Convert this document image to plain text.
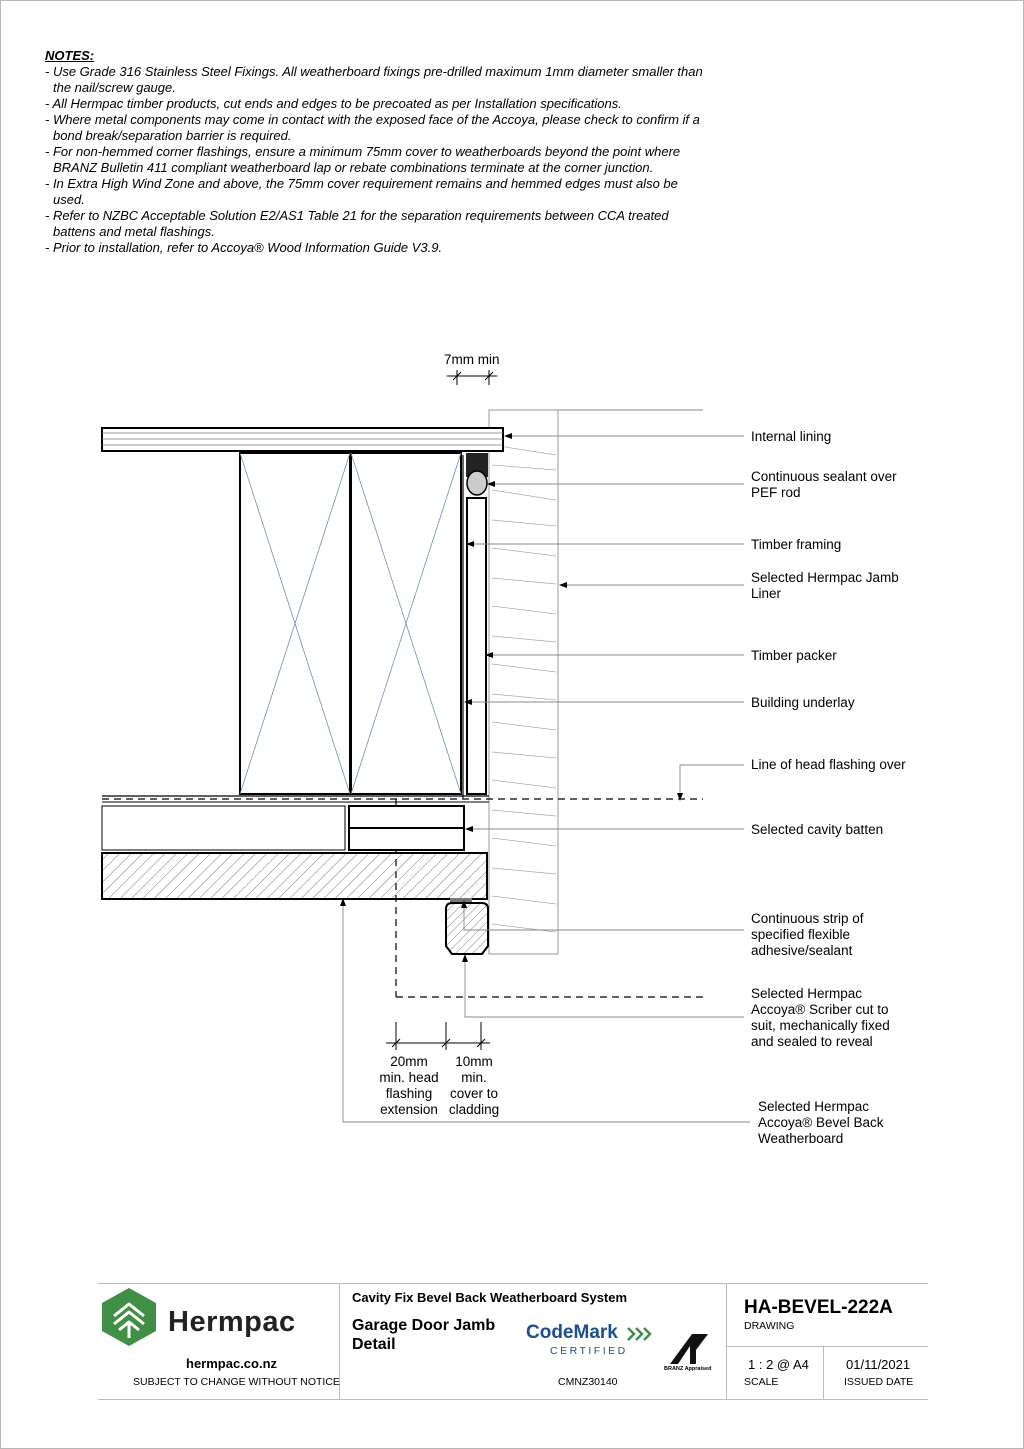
NOTES:
- Use Grade 316 Stainless Steel Fixings. All weatherboard fixings pre-drilled maximum 1mm diameter smaller than the nail/screw gauge.
- All Hermpac timber products, cut ends and edges to be precoated as per Installation specifications.
- Where metal components may come in contact with the exposed face of the Accoya, please check to confirm if a bond break/separation barrier is required.
- For non-hemmed corner flashings, ensure a minimum 75mm cover to weatherboards beyond the point where BRANZ Bulletin 411 compliant weatherboard lap or rebate combinations terminate at the corner junction.
- In Extra High Wind Zone and above, the 75mm cover requirement remains and hemmed edges must also be used.
- Refer to NZBC Acceptable Solution E2/AS1 Table 21 for the separation requirements between CCA treated battens and metal flashings.
- Prior to installation, refer to Accoya® Wood Information Guide V3.9.
7mm min
20mm
min. head
flashing
extension
10mm
min.
cover to
cladding
Internal lining
Continuous sealant over
PEF rod
Timber framing
Selected Hermpac Jamb
Liner
Timber packer
Building underlay
Line of head flashing over
Selected cavity batten
Continuous strip of
specified flexible
adhesive/sealant
Selected Hermpac
Accoya® Scriber cut to
suit, mechanically fixed
and sealed to reveal
Selected Hermpac
Accoya® Bevel Back
Weatherboard
Hermpac
hermpac.co.nz
SUBJECT TO CHANGE WITHOUT NOTICE
Cavity Fix Bevel Back Weatherboard System
Garage Door Jamb Detail
CodeMark
CERTIFIED
CMNZ30140
BRANZ Appraised
HA-BEVEL-222A
DRAWING
1 : 2 @ A4
SCALE
01/11/2021
ISSUED DATE
